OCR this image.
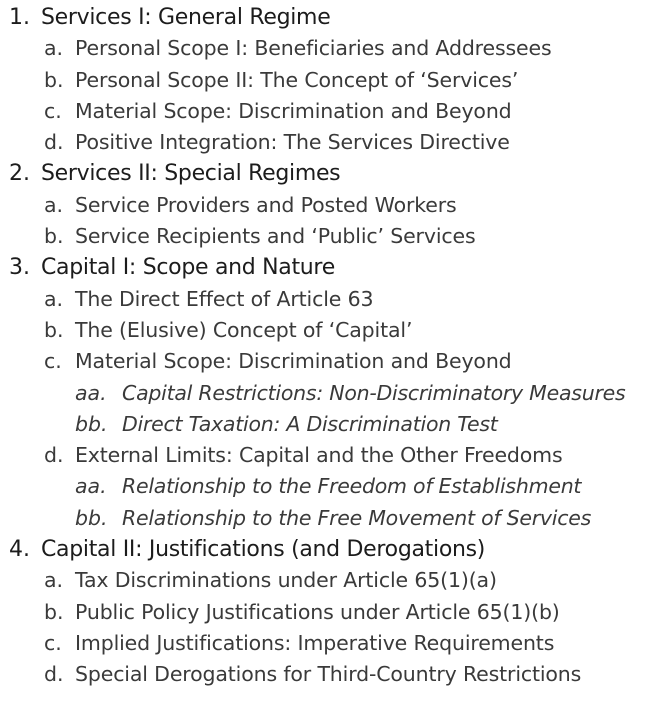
1. Services I: General Regime
a. Personal Scope I: Beneficiaries and Addressees
b. Personal Scope II: The Concept of ‘Services’
c. Material Scope: Discrimination and Beyond
d. Positive Integration: The Services Directive
2. Services II: Special Regimes
a. Service Providers and Posted Workers
b. Service Recipients and ‘Public’ Services
3. Capital I: Scope and Nature
a. The Direct Effect of Article 63
b. The (Elusive) Concept of ‘Capital’
c. Material Scope: Discrimination and Beyond
aa. Capital Restrictions: Non-Discriminatory Measures
bb. Direct Taxation: A Discrimination Test
d. External Limits: Capital and the Other Freedoms
aa. Relationship to the Freedom of Establishment
bb. Relationship to the Free Movement of Services
4. Capital II: Justifications (and Derogations)
a. Tax Discriminations under Article 65(1)(a)
b. Public Policy Justifications under Article 65(1)(b)
c. Implied Justifications: Imperative Requirements
d. Special Derogations for Third-Country Restrictions
